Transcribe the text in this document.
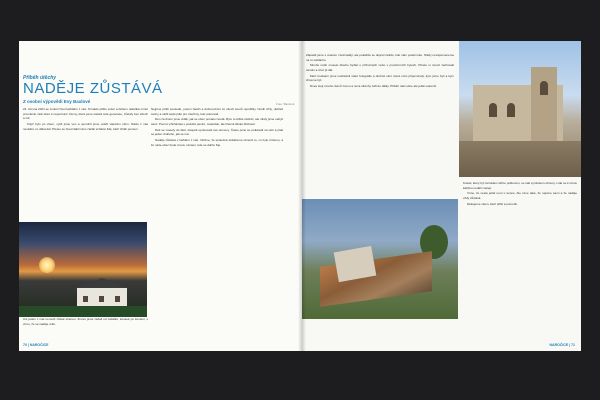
Příběh útěchy
NADĚJE ZŮSTÁVÁ
Z osobní výpovědi Evy Baxlové	Foto: Baxlová

24. června 2021 se změnil život každého z nás. Tornádo přišlo večer a během několika minut proměnilo naši obec k nepoznání. Domy, které jsme stavěli celé generace, zůstaly bez střech a zdí.

Když bylo po všem, vyšli jsme ven a nemohli jsme uvěřit vlastním očím. Nikdo z nás nevěděl, co dělat dál. Přesto se hned další ráno začali scházet lidé, kteří chtěli pomoci.

Ani jeden z nás nemohl zůstat stranou. Znovu jsme začali od začátku, kousek po kousku, s vírou, že se naděje vrátí.

Nejprve přišli sousedé, potom hasiči a dobrovolníci ze všech koutů republiky. Nosili cihly, uklízeli sutiny a vařili teplé jídlo pro všechny, kdo pracovali.

Den za dnem jsme viděli, jak se obec pomalu zvedá. Bylo to těžké období, ale nikdy jsme nebyli sami. Pomoc přicházela v podobě peněz, materiálu, ale hlavně lidské blízkosti.

Děti se vracely do škol, dospělí opravovali své domovy. Často jsme se potkávali na ulici a ptali se jeden druhého, jak se má.

Naděje zůstává v každém z nás. Věříme, že společně dokážeme obnovit to, co bylo zničeno, a že naše obec bude znovu místem, kde se dobře žije.

70 | NAROČICE

Zápasili jsme s únavou i beznadějí, ale pokaždé se objevil někdo, kdo nám podal ruku. Nikdy nezapomeneme na tu solidaritu.

Mnoho rodin muselo dlouho bydlet u příbuzných nebo v provizorních bytech. Přesto si mnozí zachovali úsměv a chuť jít dál.

Mezi troskami jsme nacházeli staré fotografie a drobné věci, které nám připomínaly, kým jsme byli a kým chceme být.

Dnes stojí mnoho domů znovu a nové střechy září do dálky. Příběh naší obce ale ještě nekončí.

Kostel, který byl tornádem těžce poškozen, se stal symbolem obnovy. Lidé se k němu každou neděli vracejí.

Víme, že cesta ještě není u konce. Ale víme také, že nejsme sami a že naděje vždy zůstává.

Děkujeme všem, kteří přišli a pomohli.

NAROČICE | 71
